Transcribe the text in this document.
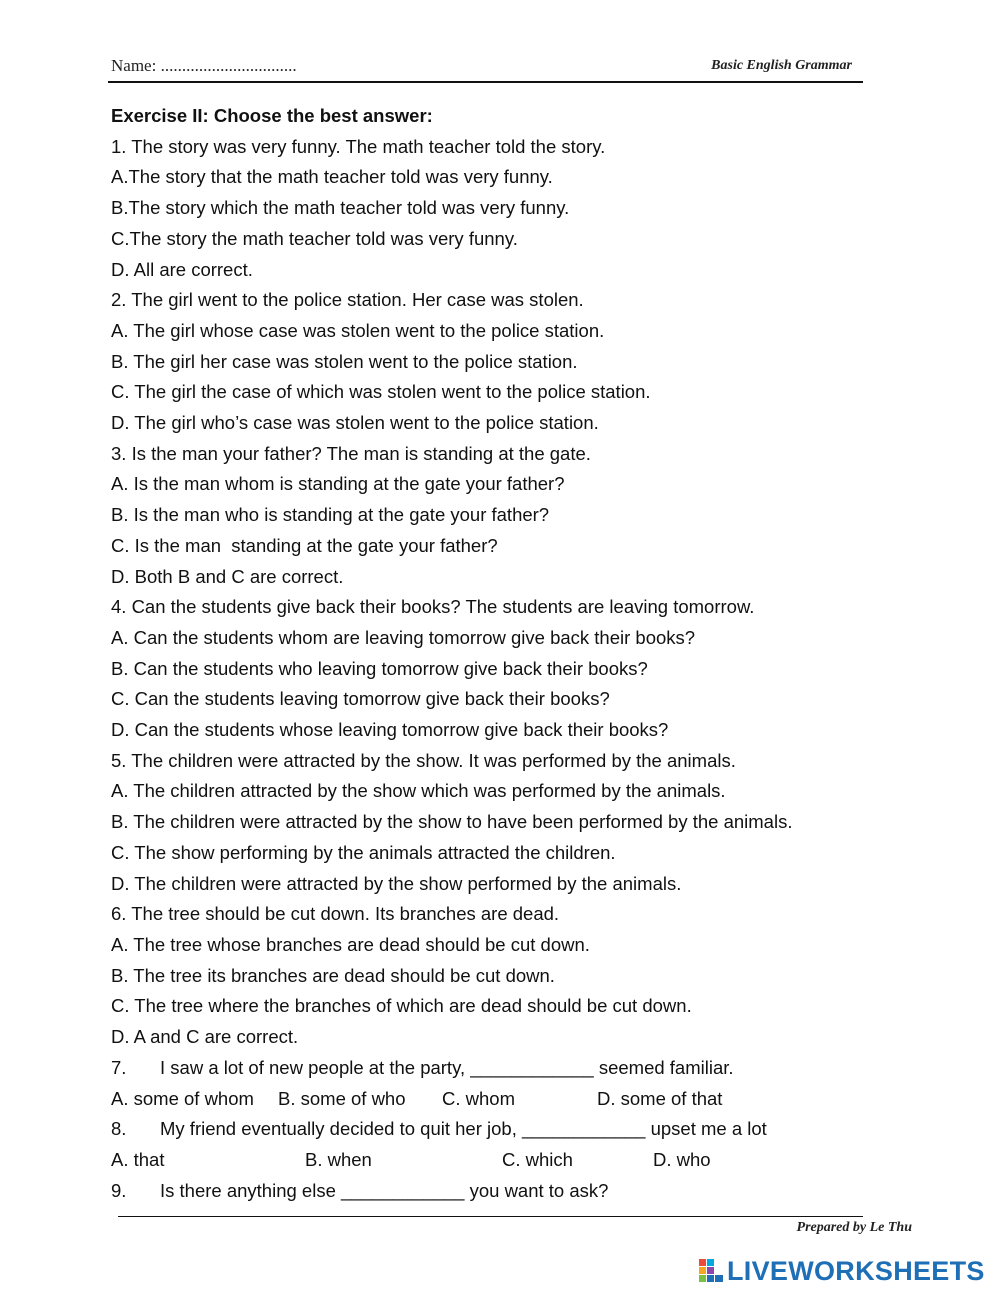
Name: ................................	Basic English Grammar
Exercise II: Choose the best answer:
1. The story was very funny. The math teacher told the story.
A.The story that the math teacher told was very funny.
B.The story which the math teacher told was very funny.
C.The story the math teacher told was very funny.
D. All are correct.
2. The girl went to the police station. Her case was stolen.
A. The girl whose case was stolen went to the police station.
B. The girl her case was stolen went to the police station.
C. The girl the case of which was stolen went to the police station.
D. The girl who’s case was stolen went to the police station.
3. Is the man your father? The man is standing at the gate.
A. Is the man whom is standing at the gate your father?
B. Is the man who is standing at the gate your father?
C. Is the man  standing at the gate your father?
D. Both B and C are correct.
4. Can the students give back their books? The students are leaving tomorrow.
A. Can the students whom are leaving tomorrow give back their books?
B. Can the students who leaving tomorrow give back their books?
C. Can the students leaving tomorrow give back their books?
D. Can the students whose leaving tomorrow give back their books?
5. The children were attracted by the show. It was performed by the animals.
A. The children attracted by the show which was performed by the animals.
B. The children were attracted by the show to have been performed by the animals.
C. The show performing by the animals attracted the children.
D. The children were attracted by the show performed by the animals.
6. The tree should be cut down. Its branches are dead.
A. The tree whose branches are dead should be cut down.
B. The tree its branches are dead should be cut down.
C. The tree where the branches of which are dead should be cut down.
D. A and C are correct.
7. I saw a lot of new people at the party, ____________ seemed familiar.
A. some of whom B. some of who C. whom	D. some of that
8. My friend eventually decided to quit her job, ____________ upset me a lot
A. that	B. when	C. which	D. who
9. Is there anything else ____________ you want to ask?
Prepared by Le Thu
LIVEWORKSHEETS
